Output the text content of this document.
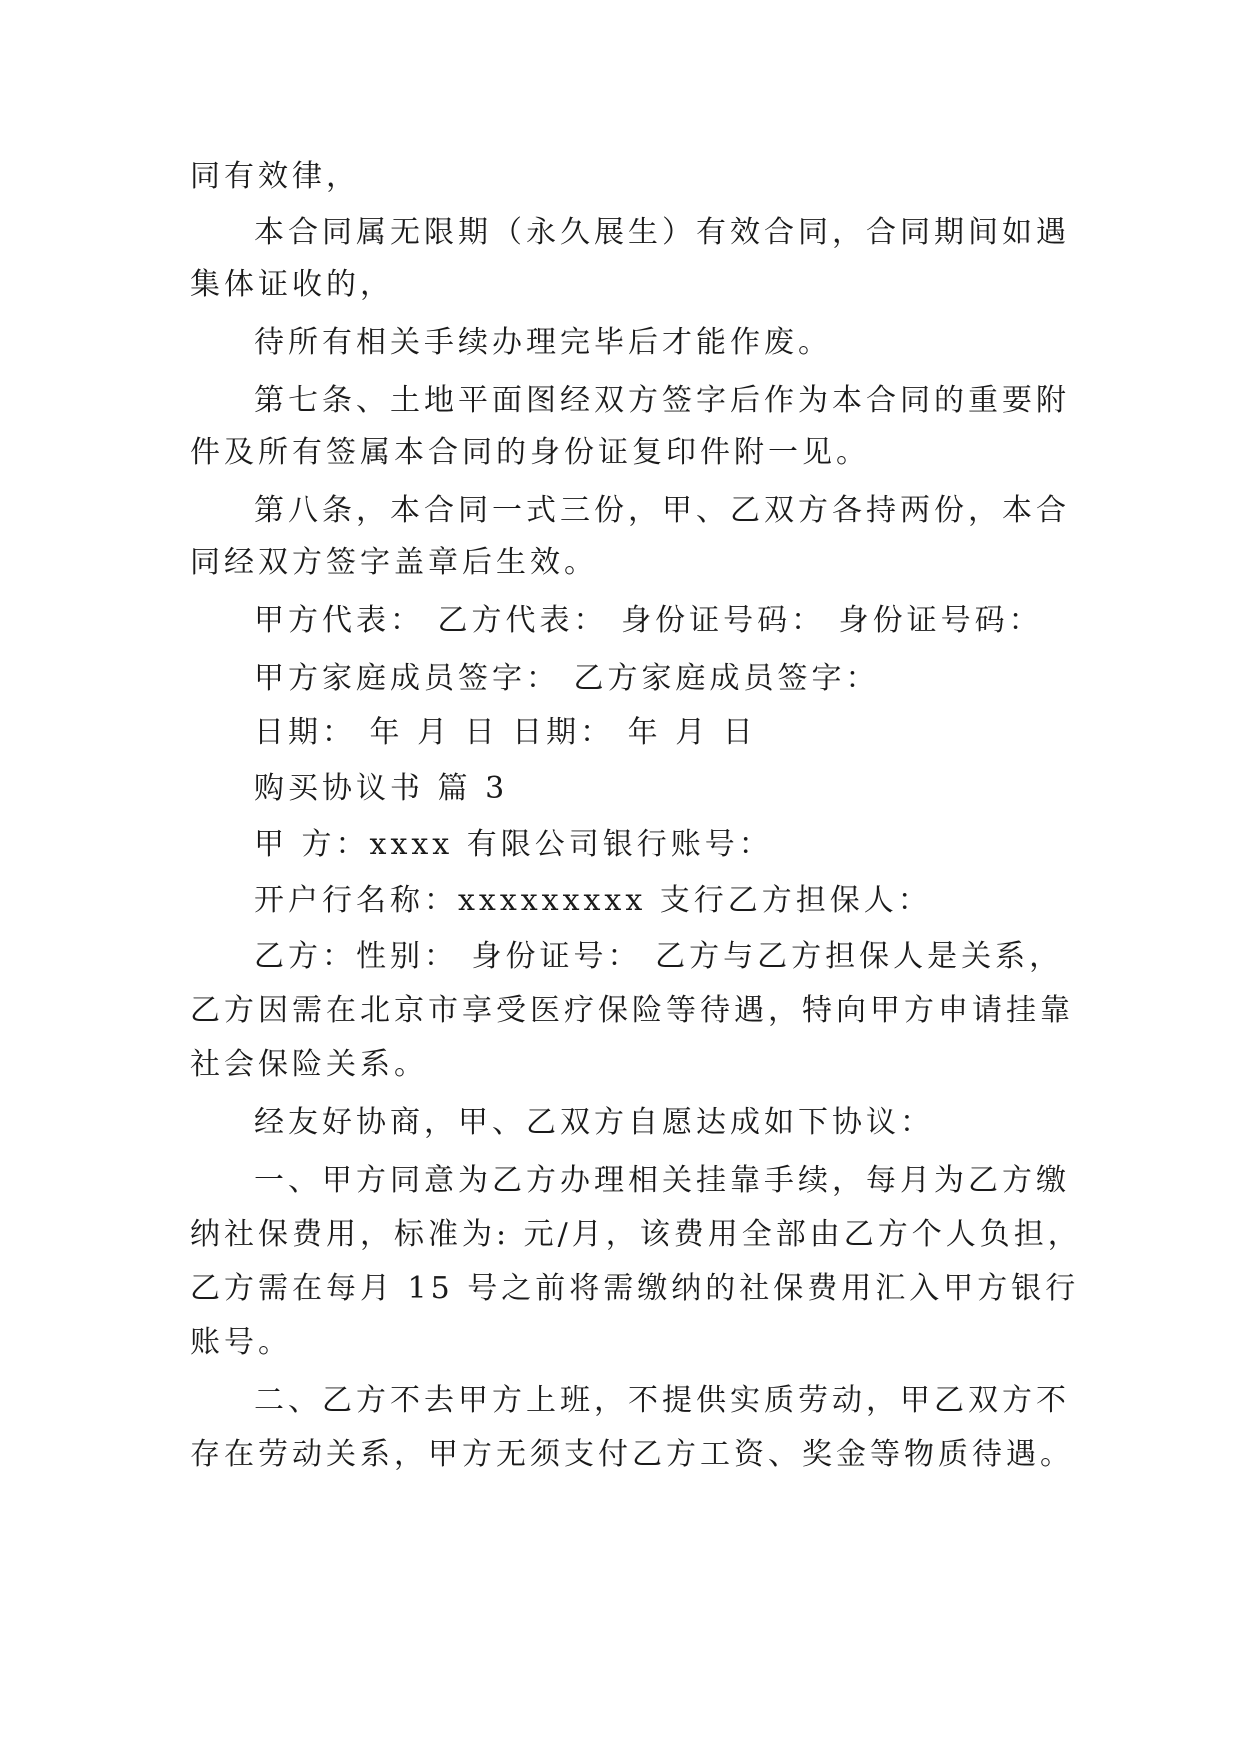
同有效律，
本合同属无限期（永久展生）有效合同，合同期间如遇
集体证收的，
待所有相关手续办理完毕后才能作废。
第七条、土地平面图经双方签字后作为本合同的重要附
件及所有签属本合同的身份证复印件附一见。
第八条，本合同一式三份，甲、乙双方各持两份，本合
同经双方签字盖章后生效。
甲方代表： 乙方代表： 身份证号码： 身份证号码：
甲方家庭成员签字： 乙方家庭成员签字：
日期： 年 月 日 日期： 年 月 日
购买协议书 篇 3
甲 方：xxxx 有限公司银行账号：
开户行名称：xxxxxxxxx 支行乙方担保人：
乙方：性别： 身份证号： 乙方与乙方担保人是关系，
乙方因需在北京市享受医疗保险等待遇，特向甲方申请挂靠
社会保险关系。
经友好协商，甲、乙双方自愿达成如下协议：
一、甲方同意为乙方办理相关挂靠手续，每月为乙方缴
纳社保费用，标准为: 元/月，该费用全部由乙方个人负担，
乙方需在每月 15 号之前将需缴纳的社保费用汇入甲方银行
账号。
二、乙方不去甲方上班，不提供实质劳动，甲乙双方不
存在劳动关系，甲方无须支付乙方工资、奖金等物质待遇。
